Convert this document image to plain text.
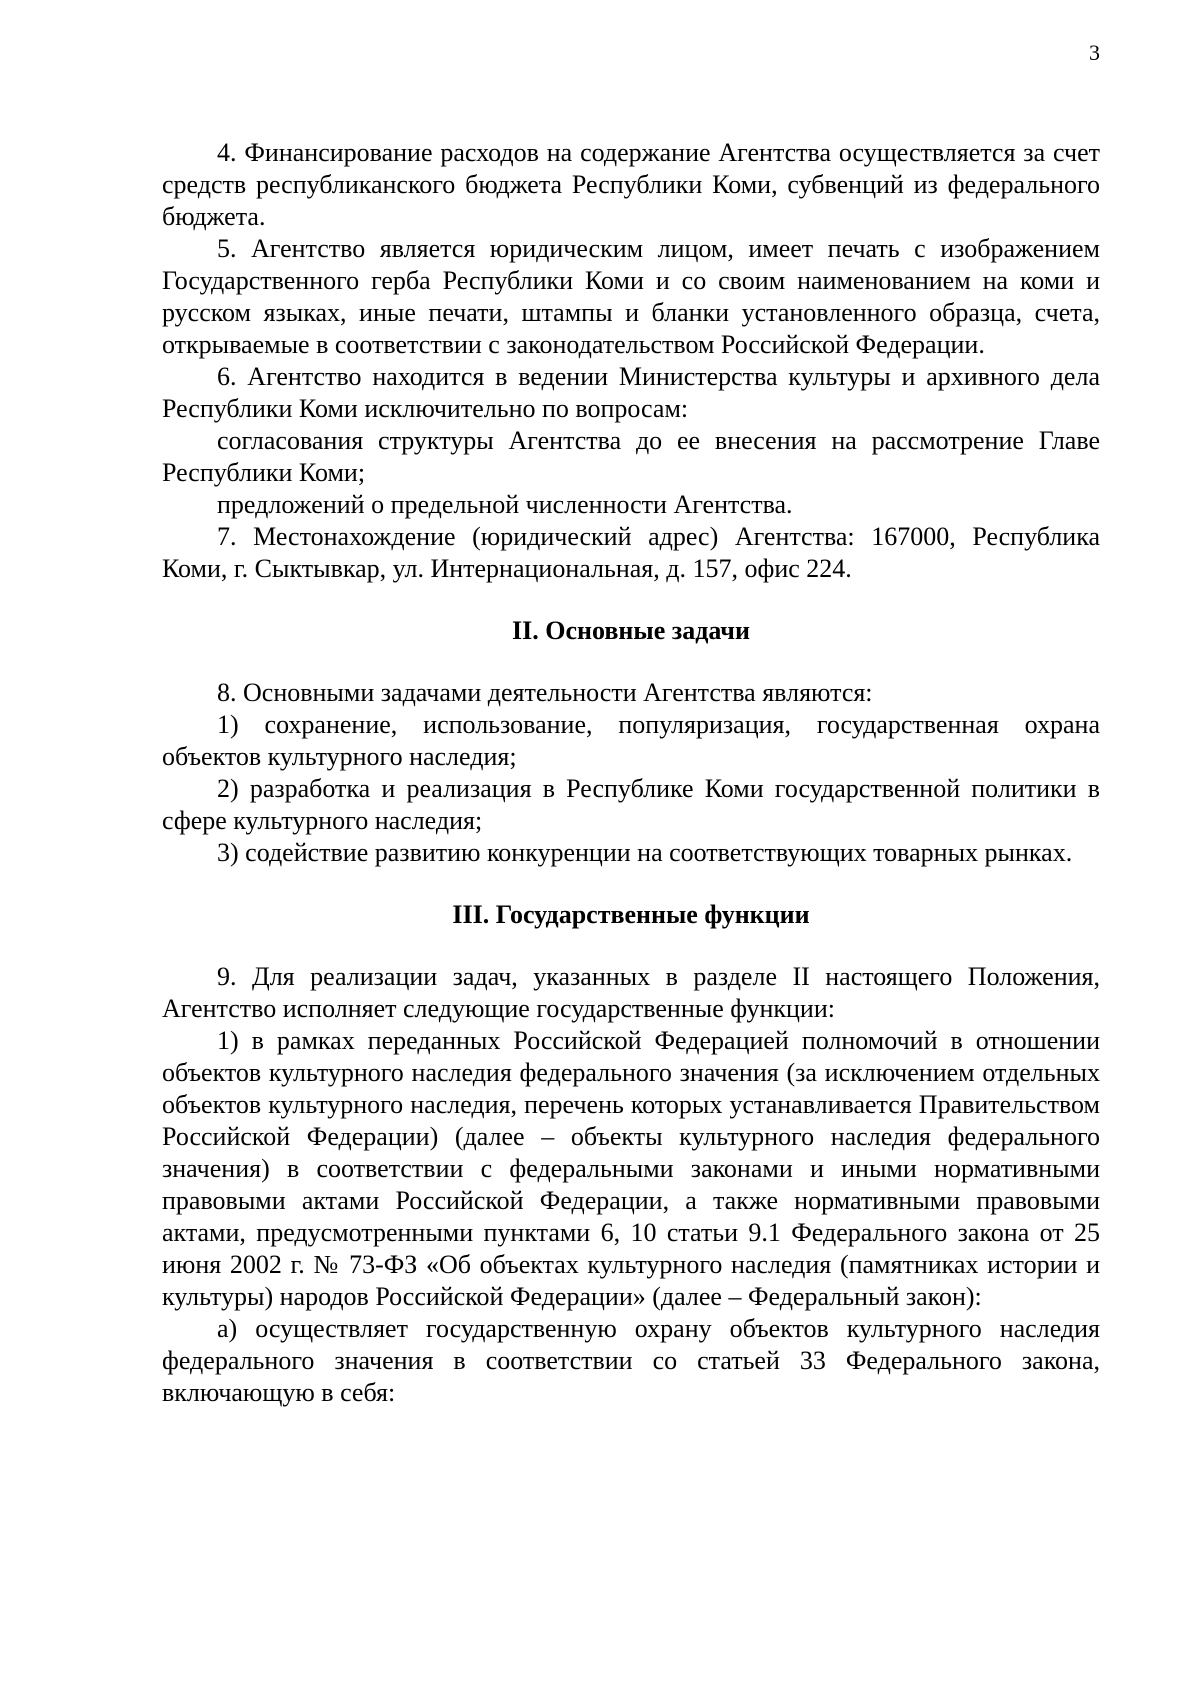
3

4. Финансирование расходов на содержание Агентства осуществляется за счет средств республиканского бюджета Республики Коми, субвенций из федерального бюджета.

5. Агентство является юридическим лицом, имеет печать с изображением Государственного герба Республики Коми и со своим наименованием на коми и русском языках, иные печати, штампы и бланки установленного образца, счета, открываемые в соответствии с законодательством Российской Федерации.

6. Агентство находится в ведении Министерства культуры и архивного дела Республики Коми исключительно по вопросам:

согласования структуры Агентства до ее внесения на рассмотрение Главе Республики Коми;

предложений о предельной численности Агентства.

7. Местонахождение (юридический адрес) Агентства: 167000, Республика Коми, г. Сыктывкар, ул. Интернациональная, д. 157, офис 224.

II. Основные задачи

8. Основными задачами деятельности Агентства являются:

1) сохранение, использование, популяризация, государственная охрана объектов культурного наследия;

2) разработка и реализация в Республике Коми государственной политики в сфере культурного наследия;

3) содействие развитию конкуренции на соответствующих товарных рынках.

III. Государственные функции

9. Для реализации задач, указанных в разделе II настоящего Положения, Агентство исполняет следующие государственные функции:

1) в рамках переданных Российской Федерацией полномочий в отношении объектов культурного наследия федерального значения (за исключением отдельных объектов культурного наследия, перечень которых устанавливается Правительством Российской Федерации) (далее – объекты культурного наследия федерального значения) в соответствии с федеральными законами и иными нормативными правовыми актами Российской Федерации, а также нормативными правовыми актами, предусмотренными пунктами 6, 10 статьи 9.1 Федерального закона от 25 июня 2002 г. № 73-ФЗ «Об объектах культурного наследия (памятниках истории и культуры) народов Российской Федерации» (далее – Федеральный закон):

а) осуществляет государственную охрану объектов культурного наследия федерального значения в соответствии со статьей 33 Федерального закона, включающую в себя:
